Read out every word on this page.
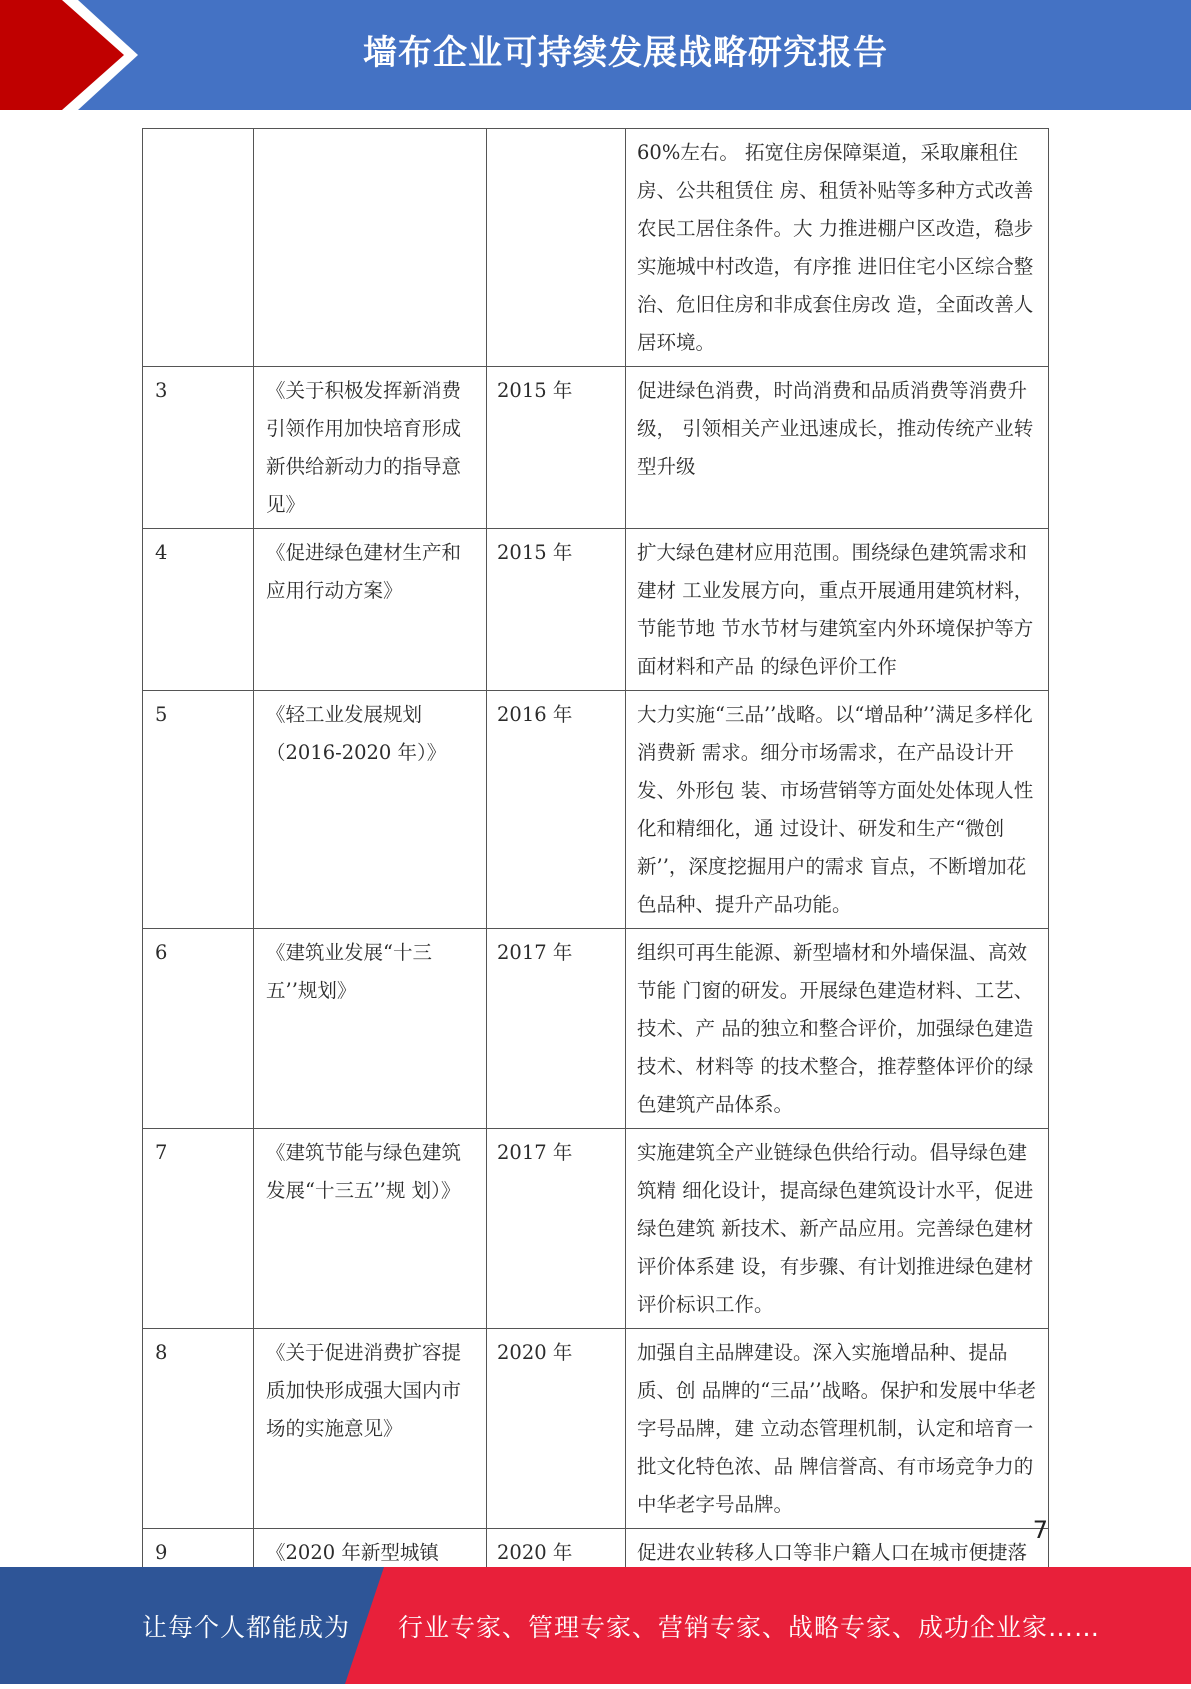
墙布企业可持续发展战略研究报告

			60%左右。 拓宽住房保障渠道，采取廉租住房、公共租赁住 房、租赁补贴等多种方式改善农民工居住条件。大 力推进棚户区改造，稳步实施城中村改造，有序推 进旧住宅小区综合整治、危旧住房和非成套住房改 造，全面改善人居环境。

3	《关于积极发挥新消费引领作用加快培育形成新供给新动力的指导意见》	2015 年	促进绿色消费，时尚消费和品质消费等消费升级， 引领相关产业迅速成长，推动传统产业转型升级

4	《促进绿色建材生产和应用行动方案》	2015 年	扩大绿色建材应用范围。围绕绿色建筑需求和建材 工业发展方向，重点开展通用建筑材料，节能节地 节水节材与建筑室内外环境保护等方面材料和产品 的绿色评价工作

5	《轻工业发展规划（2016-2020 年）》	2016 年	大力实施“三品’’战略。以“增品种’’满足多样化消费新 需求。细分市场需求，在产品设计开发、外形包 装、市场营销等方面处处体现人性化和精细化，通 过设计、研发和生产“微创新’’，深度挖掘用户的需求 盲点，不断增加花色品种、提升产品功能。

6	《建筑业发展“十三五’’规划》	2017 年	组织可再生能源、新型墙材和外墙保温、高效节能 门窗的研发。开展绿色建造材料、工艺、技术、产 品的独立和整合评价，加强绿色建造技术、材料等 的技术整合，推荐整体评价的绿色建筑产品体系。

7	《建筑节能与绿色建筑发展“十三五’’规 划）》	2017 年	实施建筑全产业链绿色供给行动。倡导绿色建筑精 细化设计，提高绿色建筑设计水平，促进绿色建筑 新技术、新产品应用。完善绿色建材评价体系建 设，有步骤、有计划推进绿色建材评价标识工作。

8	《关于促进消费扩容提质加快形成强大国内市场的实施意见》	2020 年	加强自主品牌建设。深入实施增品种、提品质、创 品牌的“三品’’战略。保护和发展中华老字号品牌，建 立动态管理机制，认定和培育一批文化特色浓、品 牌信誉高、有市场竞争力的中华老字号品牌。

9	《2020 年新型城镇	2020 年	促进农业转移人口等非户籍人口在城市便捷落
7
让每个人都能成为 行业专家、管理专家、营销专家、战略专家、成功企业家……
